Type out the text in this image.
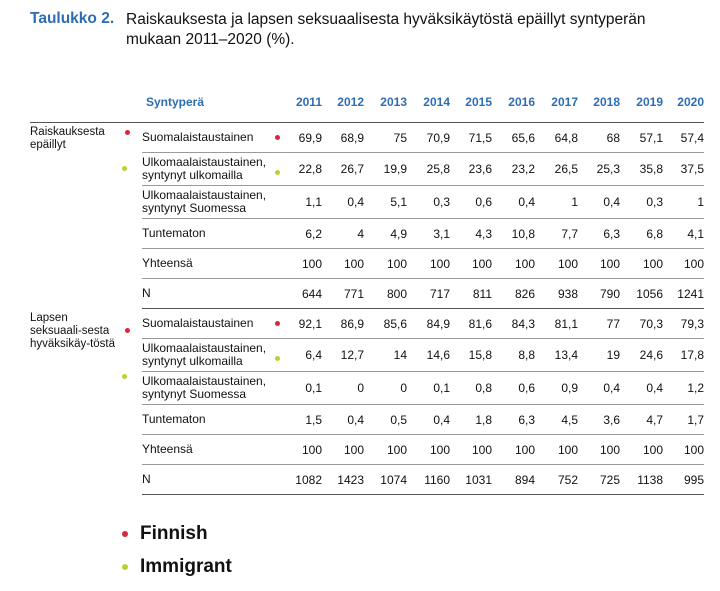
Taulukko 2. Raiskauksesta ja lapsen seksuaalisesta hyväksikäytöstä epäillyt syntyperän mukaan 2011–2020 (%).
	Syntyperä	2011	2012	2013	2014	2015	2016	2017	2018	2019	2020

Raiskauksesta epäillyt	Suomalaistaustainen	69,9	68,9	75	70,9	71,5	65,6	64,8	68	57,1	57,4

	Ulkomaalaistaustainen, syntynyt ulkomailla	22,8	26,7	19,9	25,8	23,6	23,2	26,5	25,3	35,8	37,5

	Ulkomaalaistaustainen, syntynyt Suomessa	1,1	0,4	5,1	0,3	0,6	0,4	1	0,4	0,3	1

	Tuntematon	6,2	4	4,9	3,1	4,3	10,8	7,7	6,3	6,8	4,1

	Yhteensä	100	100	100	100	100	100	100	100	100	100

	N	644	771	800	717	811	826	938	790	1056	1241

Lapsen seksuaali-sesta hyväksikäy-töstä	Suomalaistaustainen	92,1	86,9	85,6	84,9	81,6	84,3	81,1	77	70,3	79,3

	Ulkomaalaistaustainen, syntynyt ulkomailla	6,4	12,7	14	14,6	15,8	8,8	13,4	19	24,6	17,8

	Ulkomaalaistaustainen, syntynyt Suomessa	0,1	0	0	0,1	0,8	0,6	0,9	0,4	0,4	1,2

	Tuntematon	1,5	0,4	0,5	0,4	1,8	6,3	4,5	3,6	4,7	1,7

	Yhteensä	100	100	100	100	100	100	100	100	100	100

	N	1082	1423	1074	1160	1031	894	752	725	1138	995
Finnish
Immigrant
